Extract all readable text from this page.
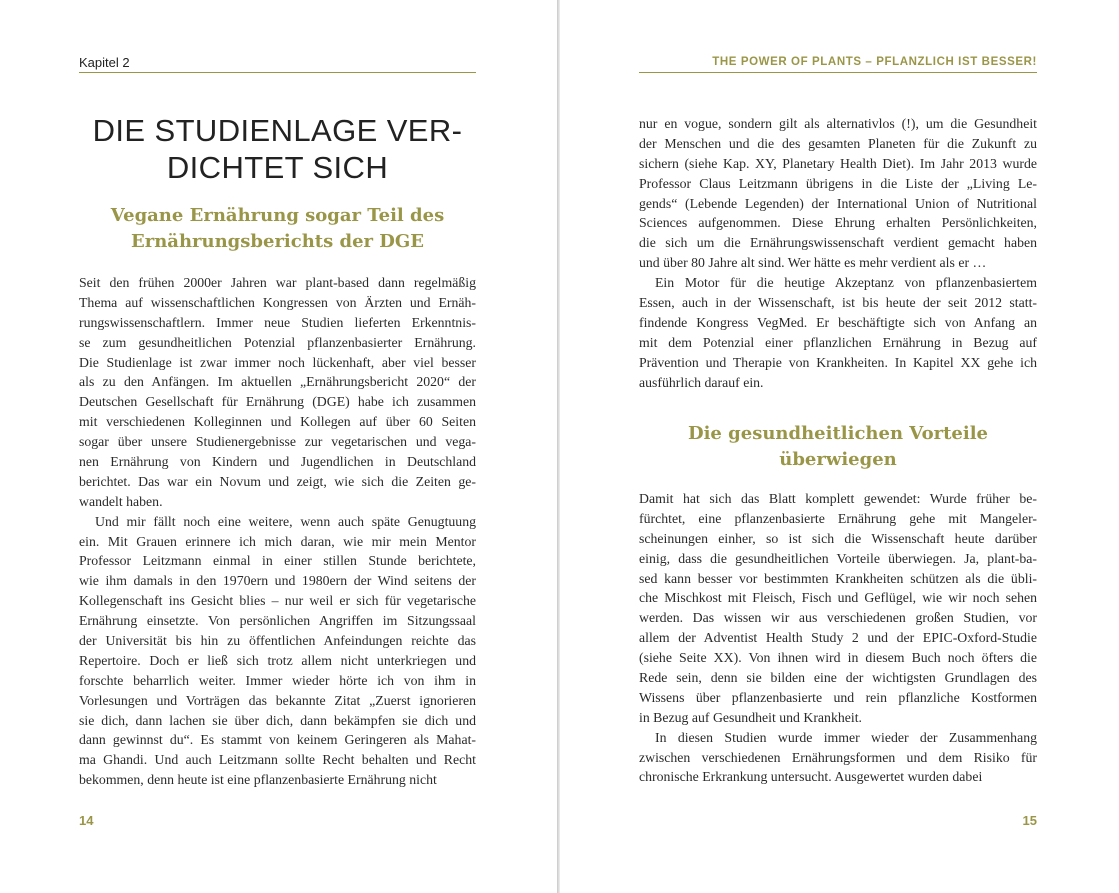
Kapitel 2
DIE STUDIENLAGE VER-
DICHTET SICH
Vegane Ernährung sogar Teil des
Ernährungsberichts der DGE
Seit den frühen 2000er Jahren war plant-based dann regelmäßig
Thema auf wissenschaftlichen Kongressen von Ärzten und Ernäh-
rungswissenschaftlern. Immer neue Studien lieferten Erkenntnis-
se zum gesundheitlichen Potenzial pflanzenbasierter Ernährung.
Die Studienlage ist zwar immer noch lückenhaft, aber viel besser
als zu den Anfängen. Im aktuellen „Ernährungsbericht 2020“ der
Deutschen Gesellschaft für Ernährung (DGE) habe ich zusammen
mit verschiedenen Kolleginnen und Kollegen auf über 60 Seiten
sogar über unsere Studienergebnisse zur vegetarischen und vega-
nen Ernährung von Kindern und Jugendlichen in Deutschland
berichtet. Das war ein Novum und zeigt, wie sich die Zeiten ge-
wandelt haben.
Und mir fällt noch eine weitere, wenn auch späte Genugtuung
ein. Mit Grauen erinnere ich mich daran, wie mir mein Mentor
Professor Leitzmann einmal in einer stillen Stunde berichtete,
wie ihm damals in den 1970ern und 1980ern der Wind seitens der
Kollegenschaft ins Gesicht blies – nur weil er sich für vegetarische
Ernährung einsetzte. Von persönlichen Angriffen im Sitzungssaal
der Universität bis hin zu öffentlichen Anfeindungen reichte das
Repertoire. Doch er ließ sich trotz allem nicht unterkriegen und
forschte beharrlich weiter. Immer wieder hörte ich von ihm in
Vorlesungen und Vorträgen das bekannte Zitat „Zuerst ignorieren
sie dich, dann lachen sie über dich, dann bekämpfen sie dich und
dann gewinnst du“. Es stammt von keinem Geringeren als Mahat-
ma Ghandi. Und auch Leitzmann sollte Recht behalten und Recht
bekommen, denn heute ist eine pflanzenbasierte Ernährung nicht
14
THE POWER OF PLANTS – PFLANZLICH IST BESSER!
nur en vogue, sondern gilt als alternativlos (!), um die Gesundheit
der Menschen und die des gesamten Planeten für die Zukunft zu
sichern (siehe Kap. XY, Planetary Health Diet). Im Jahr 2013 wurde
Professor Claus Leitzmann übrigens in die Liste der „Living Le-
gends“ (Lebende Legenden) der International Union of Nutritional
Sciences aufgenommen. Diese Ehrung erhalten Persönlichkeiten,
die sich um die Ernährungswissenschaft verdient gemacht haben
und über 80 Jahre alt sind. Wer hätte es mehr verdient als er …
Ein Motor für die heutige Akzeptanz von pflanzenbasiertem
Essen, auch in der Wissenschaft, ist bis heute der seit 2012 statt-
findende Kongress VegMed. Er beschäftigte sich von Anfang an
mit dem Potenzial einer pflanzlichen Ernährung in Bezug auf
Prävention und Therapie von Krankheiten. In Kapitel XX gehe ich
ausführlich darauf ein.
Die gesundheitlichen Vorteile
überwiegen
Damit hat sich das Blatt komplett gewendet: Wurde früher be-
fürchtet, eine pflanzenbasierte Ernährung gehe mit Mangeler-
scheinungen einher, so ist sich die Wissenschaft heute darüber
einig, dass die gesundheitlichen Vorteile überwiegen. Ja, plant-ba-
sed kann besser vor bestimmten Krankheiten schützen als die übli-
che Mischkost mit Fleisch, Fisch und Geflügel, wie wir noch sehen
werden. Das wissen wir aus verschiedenen großen Studien, vor
allem der Adventist Health Study 2 und der EPIC-Oxford-Studie
(siehe Seite XX). Von ihnen wird in diesem Buch noch öfters die
Rede sein, denn sie bilden eine der wichtigsten Grundlagen des
Wissens über pflanzenbasierte und rein pflanzliche Kostformen
in Bezug auf Gesundheit und Krankheit.
In diesen Studien wurde immer wieder der Zusammenhang
zwischen verschiedenen Ernährungsformen und dem Risiko für
chronische Erkrankung untersucht. Ausgewertet wurden dabei
15
